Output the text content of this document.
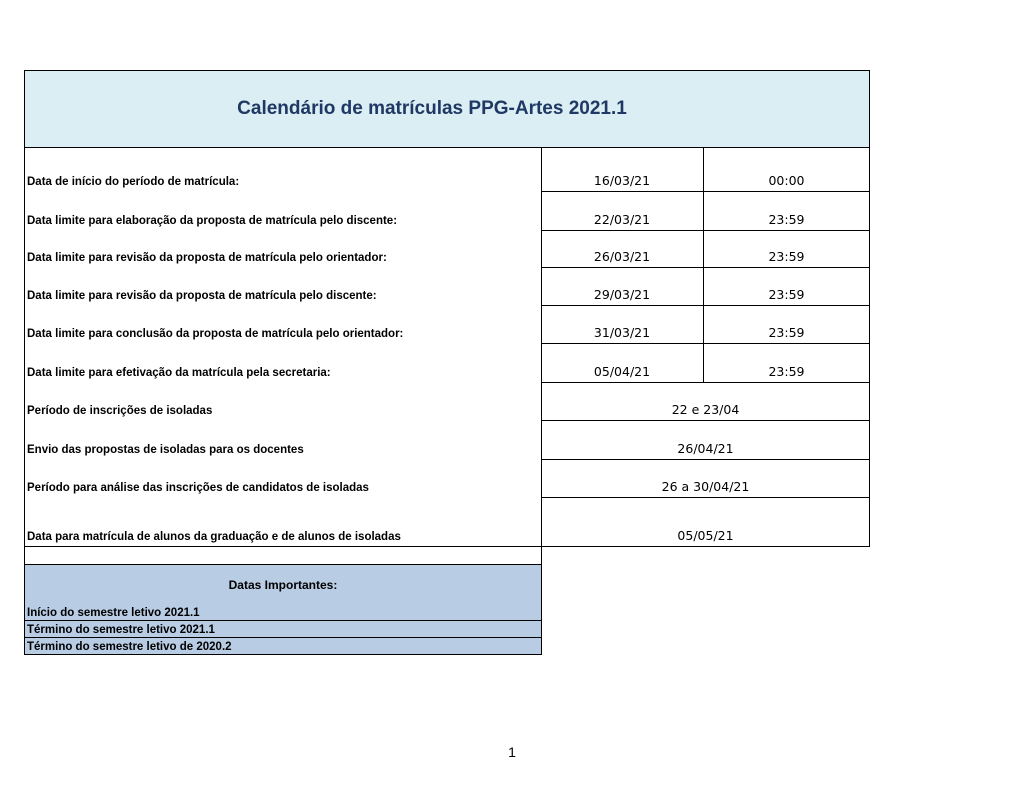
Calendário de matrículas PPG-Artes 2021.1
Data de início do período de matrícula:	16/03/21	00:00
Data limite para elaboração da proposta de matrícula pelo discente:	22/03/21	23:59
Data limite para revisão da proposta de matrícula pelo orientador:	26/03/21	23:59
Data limite para revisão da proposta de matrícula pelo discente:	29/03/21	23:59
Data limite para conclusão da proposta de matrícula pelo orientador:	31/03/21	23:59
Data limite para efetivação da matrícula pela secretaria:	05/04/21	23:59
Período de inscrições de isoladas	22 e 23/04
Envio das propostas de isoladas para os docentes	26/04/21
Período para análise das inscrições de candidatos de isoladas	26 a 30/04/21
Data para matrícula de alunos da graduação e de alunos de isoladas	05/05/21
Datas Importantes:
Início do semestre letivo 2021.1
Término do semestre letivo 2021.1
Término do semestre letivo de 2020.2
1
